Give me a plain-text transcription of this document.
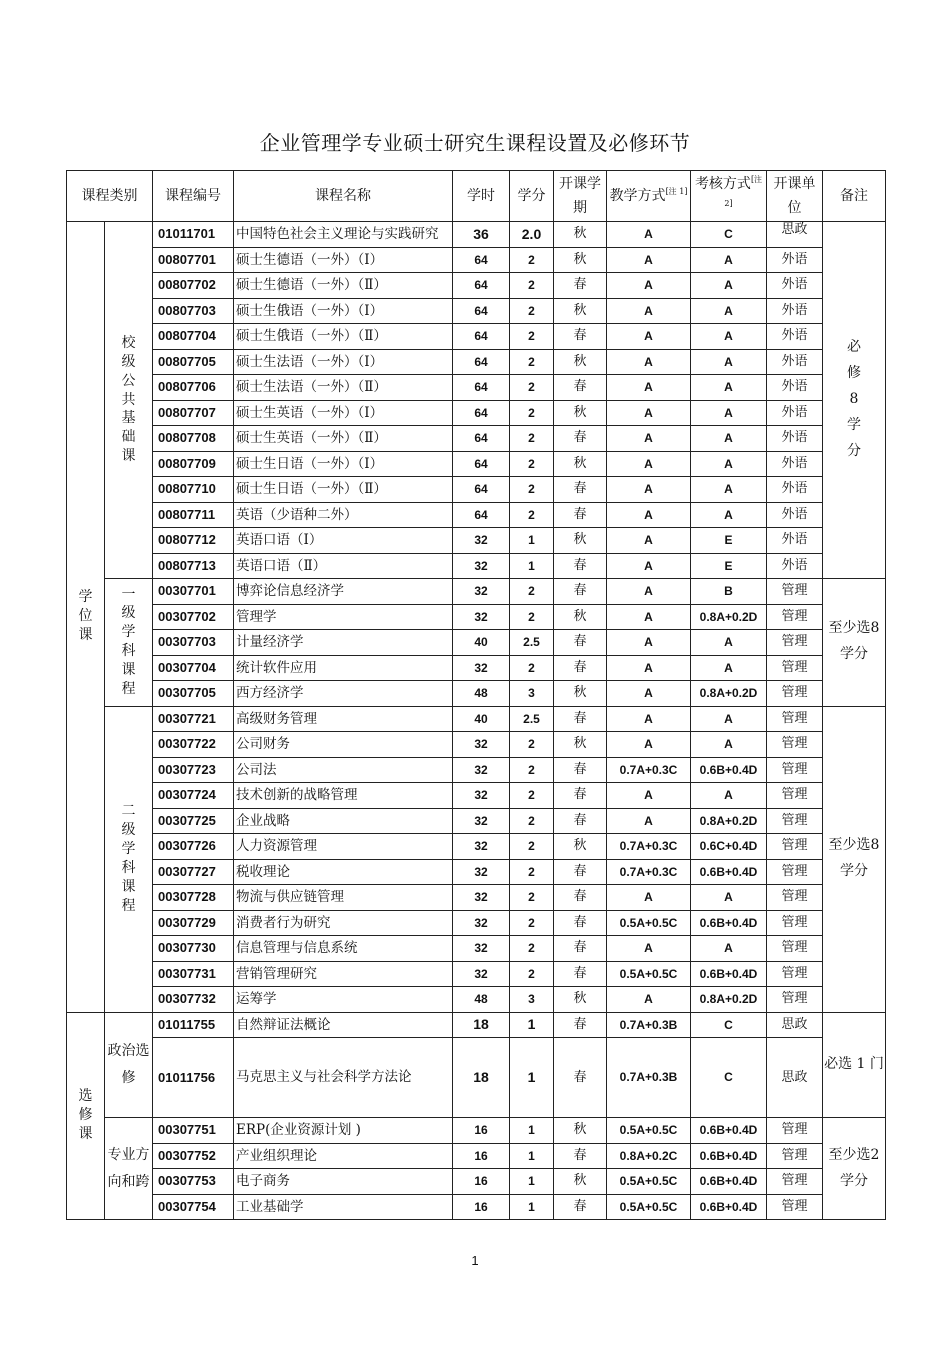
企业管理学专业硕士研究生课程设置及必修环节
课程类别		课程编号	课程名称	学时	学分	开课学期	教学方式[注 1]	考核方式[注 2]	开课单位	备注

学位课	校级公共基础课	01011701	中国特色社会主义理论与实践研究	36	2.0	秋	A	C	思政	必修8学分
		00807701	硕士生德语（一外）（Ⅰ）	64	2	秋	A	A	外语	
		00807702	硕士生德语（一外）（Ⅱ）	64	2	春	A	A	外语	
		00807703	硕士生俄语（一外）（Ⅰ）	64	2	秋	A	A	外语	
		00807704	硕士生俄语（一外）（Ⅱ）	64	2	春	A	A	外语	
		00807705	硕士生法语（一外）（Ⅰ）	64	2	秋	A	A	外语	
		00807706	硕士生法语（一外）（Ⅱ）	64	2	春	A	A	外语	
		00807707	硕士生英语（一外）（Ⅰ）	64	2	秋	A	A	外语	
		00807708	硕士生英语（一外）（Ⅱ）	64	2	春	A	A	外语	
		00807709	硕士生日语（一外）（Ⅰ）	64	2	秋	A	A	外语	
		00807710	硕士生日语（一外）（Ⅱ）	64	2	春	A	A	外语	
		00807711	英语（少语种二外）	64	2	春	A	A	外语	
		00807712	英语口语（Ⅰ）	32	1	秋	A	E	外语	
		00807713	英语口语（Ⅱ）	32	1	春	A	E	外语	

	一级学科课程	00307701	博弈论信息经济学	32	2	春	A	B	管理	至少选8学分
		00307702	管理学	32	2	秋	A	0.8A+0.2D	管理	
		00307703	计量经济学	40	2.5	春	A	A	管理	
		00307704	统计软件应用	32	2	春	A	A	管理	
		00307705	西方经济学	48	3	秋	A	0.8A+0.2D	管理	

	二级学科课程	00307721	高级财务管理	40	2.5	春	A	A	管理	至少选8学分
		00307722	公司财务	32	2	秋	A	A	管理	
		00307723	公司法	32	2	春	0.7A+0.3C	0.6B+0.4D	管理	
		00307724	技术创新的战略管理	32	2	春	A	A	管理	
		00307725	企业战略	32	2	春	A	0.8A+0.2D	管理	
		00307726	人力资源管理	32	2	秋	0.7A+0.3C	0.6C+0.4D	管理	
		00307727	税收理论	32	2	春	0.7A+0.3C	0.6B+0.4D	管理	
		00307728	物流与供应链管理	32	2	春	A	A	管理	
		00307729	消费者行为研究	32	2	春	0.5A+0.5C	0.6B+0.4D	管理	
		00307730	信息管理与信息系统	32	2	春	A	A	管理	
		00307731	营销管理研究	32	2	春	0.5A+0.5C	0.6B+0.4D	管理	
		00307732	运筹学	48	3	秋	A	0.8A+0.2D	管理	

选修课	政治选修	01011755	自然辩证法概论	18	1	春	0.7A+0.3B	C	思政	必选 1 门
		01011756	马克思主义与社会科学方法论	18	1	春	0.7A+0.3B	C	思政	
	专业方向和跨	00307751	ERP(企业资源计划 )	16	1	秋	0.5A+0.5C	0.6B+0.4D	管理	至少选2学分
		00307752	产业组织理论	16	1	春	0.8A+0.2C	0.6B+0.4D	管理	
		00307753	电子商务	16	1	秋	0.5A+0.5C	0.6B+0.4D	管理	
		00307754	工业基础学	16	1	春	0.5A+0.5C	0.6B+0.4D	管理	
1
